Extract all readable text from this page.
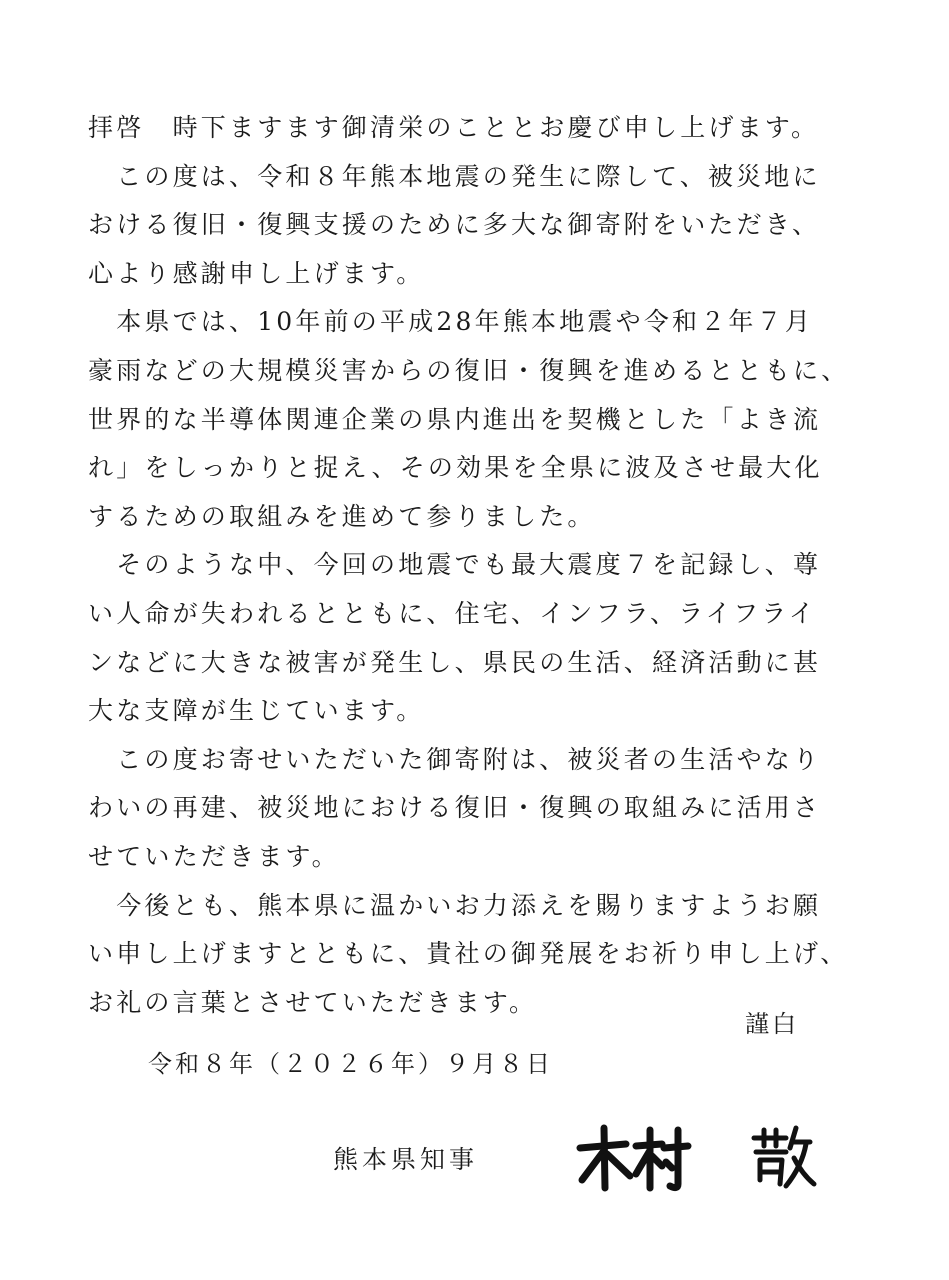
拝啓　時下ますます御清栄のこととお慶び申し上げます。
　この度は、令和８年熊本地震の発生に際して、被災地に
おける復旧・復興支援のために多大な御寄附をいただき、
心より感謝申し上げます。
　本県では、10年前の平成28年熊本地震や令和２年７月
豪雨などの大規模災害からの復旧・復興を進めるとともに、
世界的な半導体関連企業の県内進出を契機とした「よき流
れ」をしっかりと捉え、その効果を全県に波及させ最大化
するための取組みを進めて参りました。
　そのような中、今回の地震でも最大震度７を記録し、尊
い人命が失われるとともに、住宅、インフラ、ライフライ
ンなどに大きな被害が発生し、県民の生活、経済活動に甚
大な支障が生じています。
　この度お寄せいただいた御寄附は、被災者の生活やなり
わいの再建、被災地における復旧・復興の取組みに活用さ
せていただきます。
　今後とも、熊本県に温かいお力添えを賜りますようお願
い申し上げますとともに、貴社の御発展をお祈り申し上げ、
お礼の言葉とさせていただきます。
謹白
令和８年（２０２６年）９月８日
熊本県知事
